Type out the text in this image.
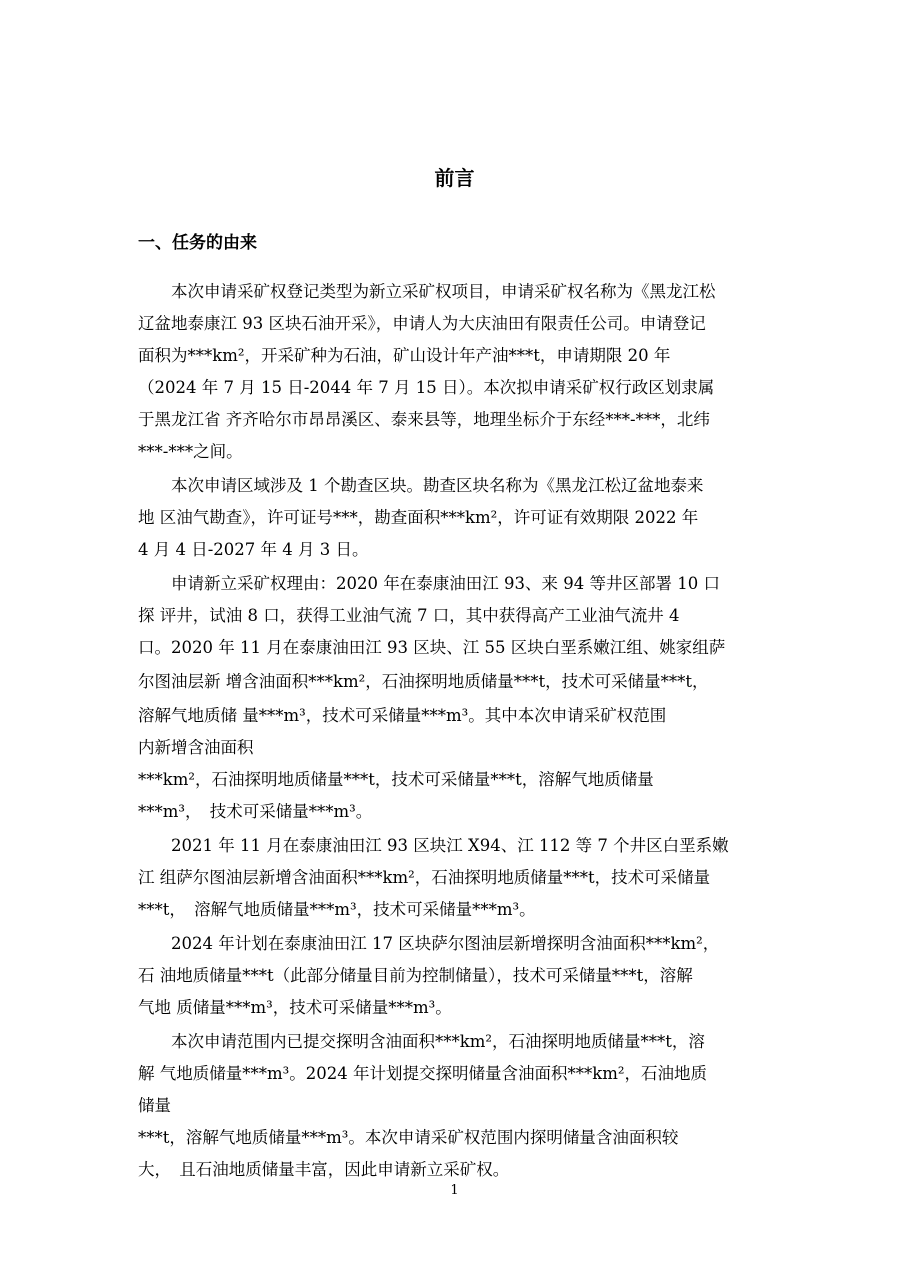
前言
一、任务的由来
　　本次申请采矿权登记类型为新立采矿权项目，申请采矿权名称为《黑龙江松
辽盆地泰康江 93 区块石油开采》，申请人为大庆油田有限责任公司。申请登记
面积为***km²，开采矿种为石油，矿山设计年产油***t，申请期限 20 年
（2024 年 7 月 15 日-2044 年 7 月 15 日）。本次拟申请采矿权行政区划隶属
于黑龙江省 齐齐哈尔市昂昂溪区、泰来县等，地理坐标介于东经***-***，北纬
***-***之间。
　　本次申请区域涉及 1 个勘查区块。勘查区块名称为《黑龙江松辽盆地泰来
地 区油气勘查》，许可证号***，勘查面积***km²，许可证有效期限 2022 年
4 月 4 日-2027 年 4 月 3 日。
　　申请新立采矿权理由：2020 年在泰康油田江 93、来 94 等井区部署 10 口
探 评井，试油 8 口，获得工业油气流 7 口，其中获得高产工业油气流井 4
口。2020 年 11 月在泰康油田江 93 区块、江 55 区块白垩系嫩江组、姚家组萨
尔图油层新 增含油面积***km²，石油探明地质储量***t，技术可采储量***t，
溶解气地质储 量***m³，技术可采储量***m³。其中本次申请采矿权范围
内新增含油面积
***km²，石油探明地质储量***t，技术可采储量***t，溶解气地质储量
***m³，　技术可采储量***m³。
　　2021 年 11 月在泰康油田江 93 区块江 X94、江 112 等 7 个井区白垩系嫩
江 组萨尔图油层新增含油面积***km²，石油探明地质储量***t，技术可采储量
***t，　溶解气地质储量***m³，技术可采储量***m³。
　　2024 年计划在泰康油田江 17 区块萨尔图油层新增探明含油面积***km²，
石 油地质储量***t（此部分储量目前为控制储量），技术可采储量***t，溶解
气地 质储量***m³，技术可采储量***m³。
　　本次申请范围内已提交探明含油面积***km²，石油探明地质储量***t，溶
解 气地质储量***m³。2024 年计划提交探明储量含油面积***km²，石油地质
储量
***t，溶解气地质储量***m³。本次申请采矿权范围内探明储量含油面积较
大，　且石油地质储量丰富，因此申请新立采矿权。
1
